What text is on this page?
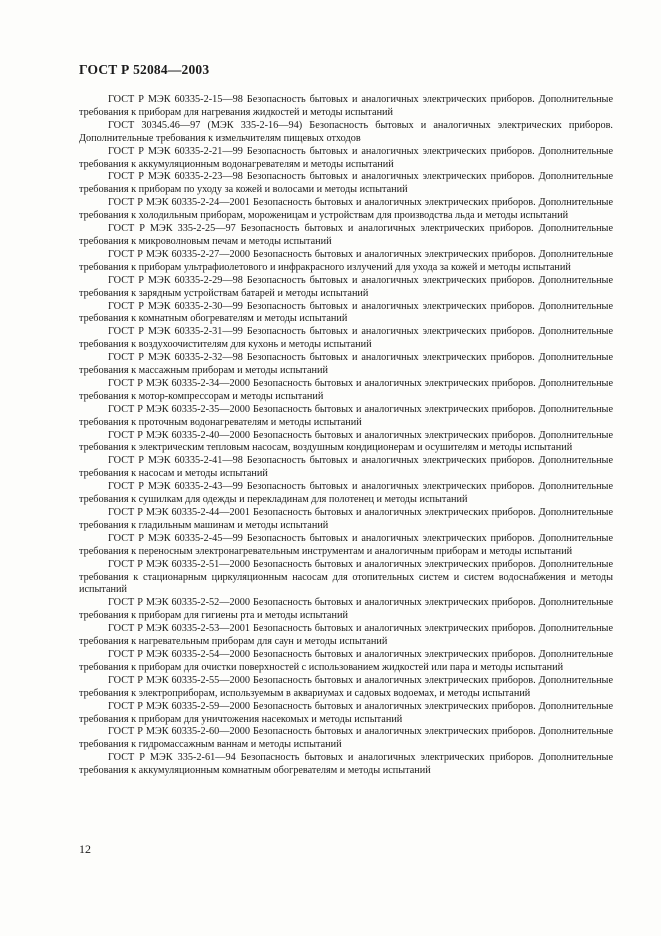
ГОСТ Р 52084—2003

ГОСТ Р МЭК 60335-2-15—98 Безопасность бытовых и аналогичных электрических приборов. Дополнительные требования к приборам для нагревания жидкостей и методы испытаний

ГОСТ 30345.46—97 (МЭК 335-2-16—94) Безопасность бытовых и аналогичных электрических приборов. Дополнительные требования к измельчителям пищевых отходов

ГОСТ Р МЭК 60335-2-21—99 Безопасность бытовых и аналогичных электрических приборов. Дополнительные требования к аккумуляционным водонагревателям и методы испытаний

ГОСТ Р МЭК 60335-2-23—98 Безопасность бытовых и аналогичных электрических приборов. Дополнительные требования к приборам по уходу за кожей и волосами и методы испытаний

ГОСТ Р МЭК 60335-2-24—2001 Безопасность бытовых и аналогичных электрических приборов. Дополнительные требования к холодильным приборам, мороженицам и устройствам для производства льда и методы испытаний

ГОСТ Р МЭК 335-2-25—97 Безопасность бытовых и аналогичных электрических приборов. Дополнительные требования к микроволновым печам и методы испытаний

ГОСТ Р МЭК 60335-2-27—2000 Безопасность бытовых и аналогичных электрических приборов. Дополнительные требования к приборам ультрафиолетового и инфракрасного излучений для ухода за кожей и методы испытаний

ГОСТ Р МЭК 60335-2-29—98 Безопасность бытовых и аналогичных электрических приборов. Дополнительные требования к зарядным устройствам батарей и методы испытаний

ГОСТ Р МЭК 60335-2-30—99 Безопасность бытовых и аналогичных электрических приборов. Дополнительные требования к комнатным обогревателям и методы испытаний

ГОСТ Р МЭК 60335-2-31—99 Безопасность бытовых и аналогичных электрических приборов. Дополнительные требования к воздухоочистителям для кухонь и методы испытаний

ГОСТ Р МЭК 60335-2-32—98 Безопасность бытовых и аналогичных электрических приборов. Дополнительные требования к массажным приборам и методы испытаний

ГОСТ Р МЭК 60335-2-34—2000 Безопасность бытовых и аналогичных электрических приборов. Дополнительные требования к мотор-компрессорам и методы испытаний

ГОСТ Р МЭК 60335-2-35—2000 Безопасность бытовых и аналогичных электрических приборов. Дополнительные требования к проточным водонагревателям и методы испытаний

ГОСТ Р МЭК 60335-2-40—2000 Безопасность бытовых и аналогичных электрических приборов. Дополнительные требования к электрическим тепловым насосам, воздушным кондиционерам и осушителям и методы испытаний

ГОСТ Р МЭК 60335-2-41—98 Безопасность бытовых и аналогичных электрических приборов. Дополнительные требования к насосам и методы испытаний

ГОСТ Р МЭК 60335-2-43—99 Безопасность бытовых и аналогичных электрических приборов. Дополнительные требования к сушилкам для одежды и перекладинам для полотенец и методы испытаний

ГОСТ Р МЭК 60335-2-44—2001 Безопасность бытовых и аналогичных электрических приборов. Дополнительные требования к гладильным машинам и методы испытаний

ГОСТ Р МЭК 60335-2-45—99 Безопасность бытовых и аналогичных электрических приборов. Дополнительные требования к переносным электронагревательным инструментам и аналогичным приборам и методы испытаний

ГОСТ Р МЭК 60335-2-51—2000 Безопасность бытовых и аналогичных электрических приборов. Дополнительные требования к стационарным циркуляционным насосам для отопительных систем и систем водоснабжения и методы испытаний

ГОСТ Р МЭК 60335-2-52—2000 Безопасность бытовых и аналогичных электрических приборов. Дополнительные требования к приборам для гигиены рта и методы испытаний

ГОСТ Р МЭК 60335-2-53—2001 Безопасность бытовых и аналогичных электрических приборов. Дополнительные требования к нагревательным приборам для саун и методы испытаний

ГОСТ Р МЭК 60335-2-54—2000 Безопасность бытовых и аналогичных электрических приборов. Дополнительные требования к приборам для очистки поверхностей с использованием жидкостей или пара и методы испытаний

ГОСТ Р МЭК 60335-2-55—2000 Безопасность бытовых и аналогичных электрических приборов. Дополнительные требования к электроприборам, используемым в аквариумах и садовых водоемах, и методы испытаний

ГОСТ Р МЭК 60335-2-59—2000 Безопасность бытовых и аналогичных электрических приборов. Дополнительные требования к приборам для уничтожения насекомых и методы испытаний

ГОСТ Р МЭК 60335-2-60—2000 Безопасность бытовых и аналогичных электрических приборов. Дополнительные требования к гидромассажным ваннам и методы испытаний

ГОСТ Р МЭК 335-2-61—94 Безопасность бытовых и аналогичных электрических приборов. Дополнительные требования к аккумуляционным комнатным обогревателям и методы испытаний

12
